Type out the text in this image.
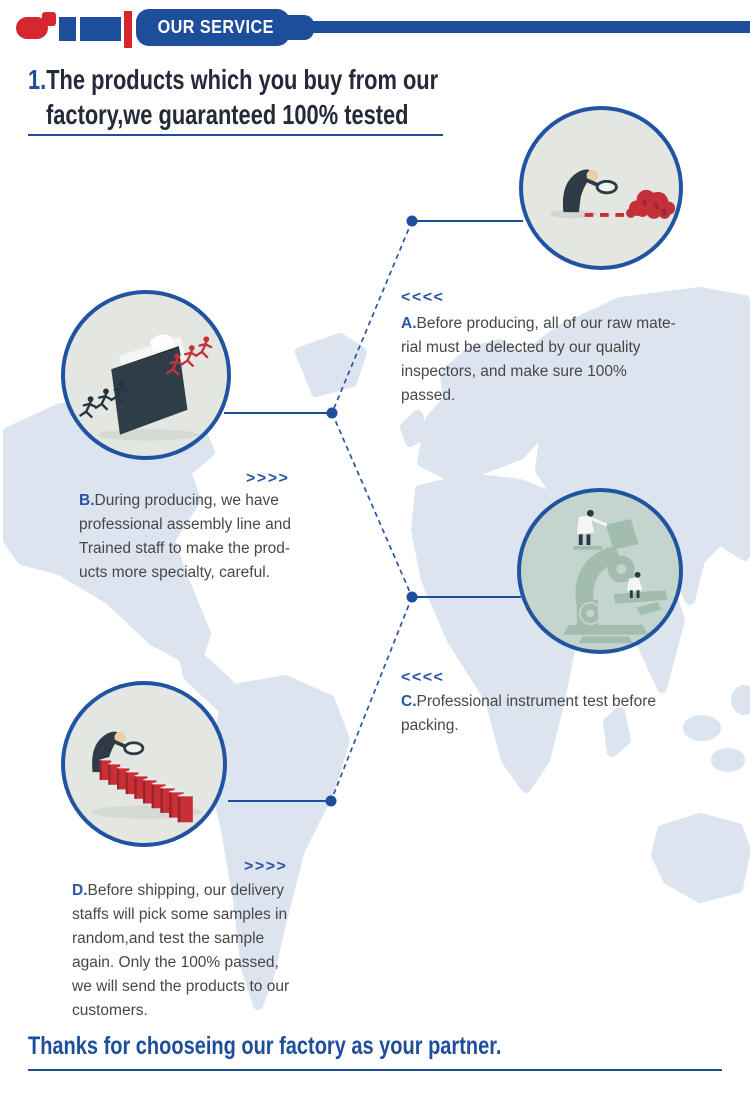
OUR SERVICE
1.The products which you buy from our
factory,we guaranteed 100% tested
$ $
$
<<<<
>>>>
<<<<
>>>>
A.Before producing, all of our raw mate-
rial must be delected by our quality
inspectors, and make sure 100%
passed.
B.During producing, we have
professional assembly line and
Trained staff to make the prod-
ucts more specialty, careful.
C.Professional instrument test before
packing.
D.Before shipping, our delivery
staffs will pick some samples in
random,and test the sample
again. Only the 100% passed,
we will send the products to our
customers.
Thanks for chooseing our factory as your partner.
